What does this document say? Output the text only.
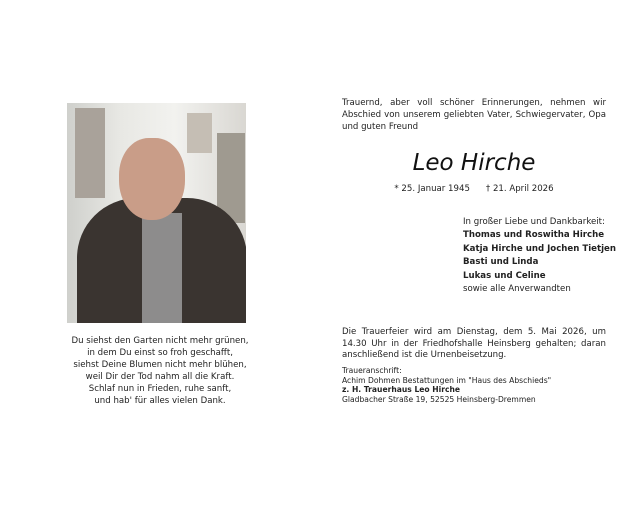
Trauernd, aber voll schöner Erinnerungen, nehmen wir Abschied von unserem geliebten Vater, Schwiegervater, Opa und guten Freund
Leo Hirche
* 25. Januar 1945 † 21. April 2026
In großer Liebe und Dankbarkeit:
Thomas und Roswitha Hirche
Katja Hirche und Jochen Tietjen
Basti und Linda
Lukas und Celine
sowie alle Anverwandten
Die Trauerfeier wird am Dienstag, dem 5. Mai 2026, um 14.30 Uhr in der Friedhofshalle Heinsberg gehalten; daran anschließend ist die Urnenbeisetzung.
Traueranschrift:
Achim Dohmen Bestattungen im "Haus des Abschieds"
z. H. Trauerhaus Leo Hirche
Gladbacher Straße 19, 52525 Heinsberg-Dremmen
Du siehst den Garten nicht mehr grünen,
in dem Du einst so froh geschafft,
siehst Deine Blumen nicht mehr blühen,
weil Dir der Tod nahm all die Kraft.
Schlaf nun in Frieden, ruhe sanft,
und hab' für alles vielen Dank.
